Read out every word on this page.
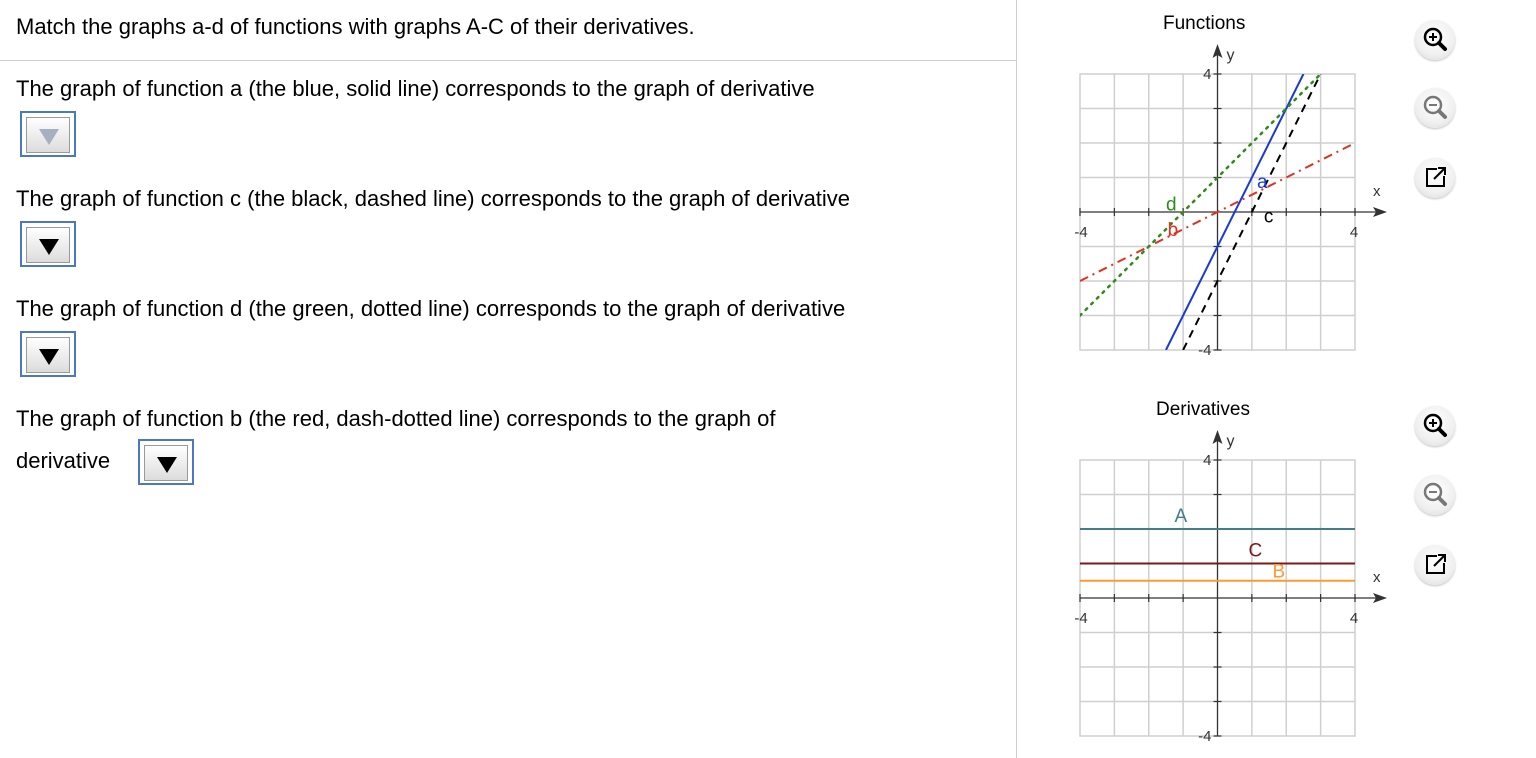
Match the graphs a-d of functions with graphs A-C of their derivatives.
The graph of function a (the blue, solid line) corresponds to the graph of derivative
The graph of function c (the black, dashed line) corresponds to the graph of derivative
The graph of function d (the green, dotted line) corresponds to the graph of derivative
The graph of function b (the red, dash-dotted line) corresponds to the graph of
derivative
Functions
Derivatives
-4	4
4
-4
x
y
a
b
c
d
-4	4
4
-4
x
y
A
C
B
